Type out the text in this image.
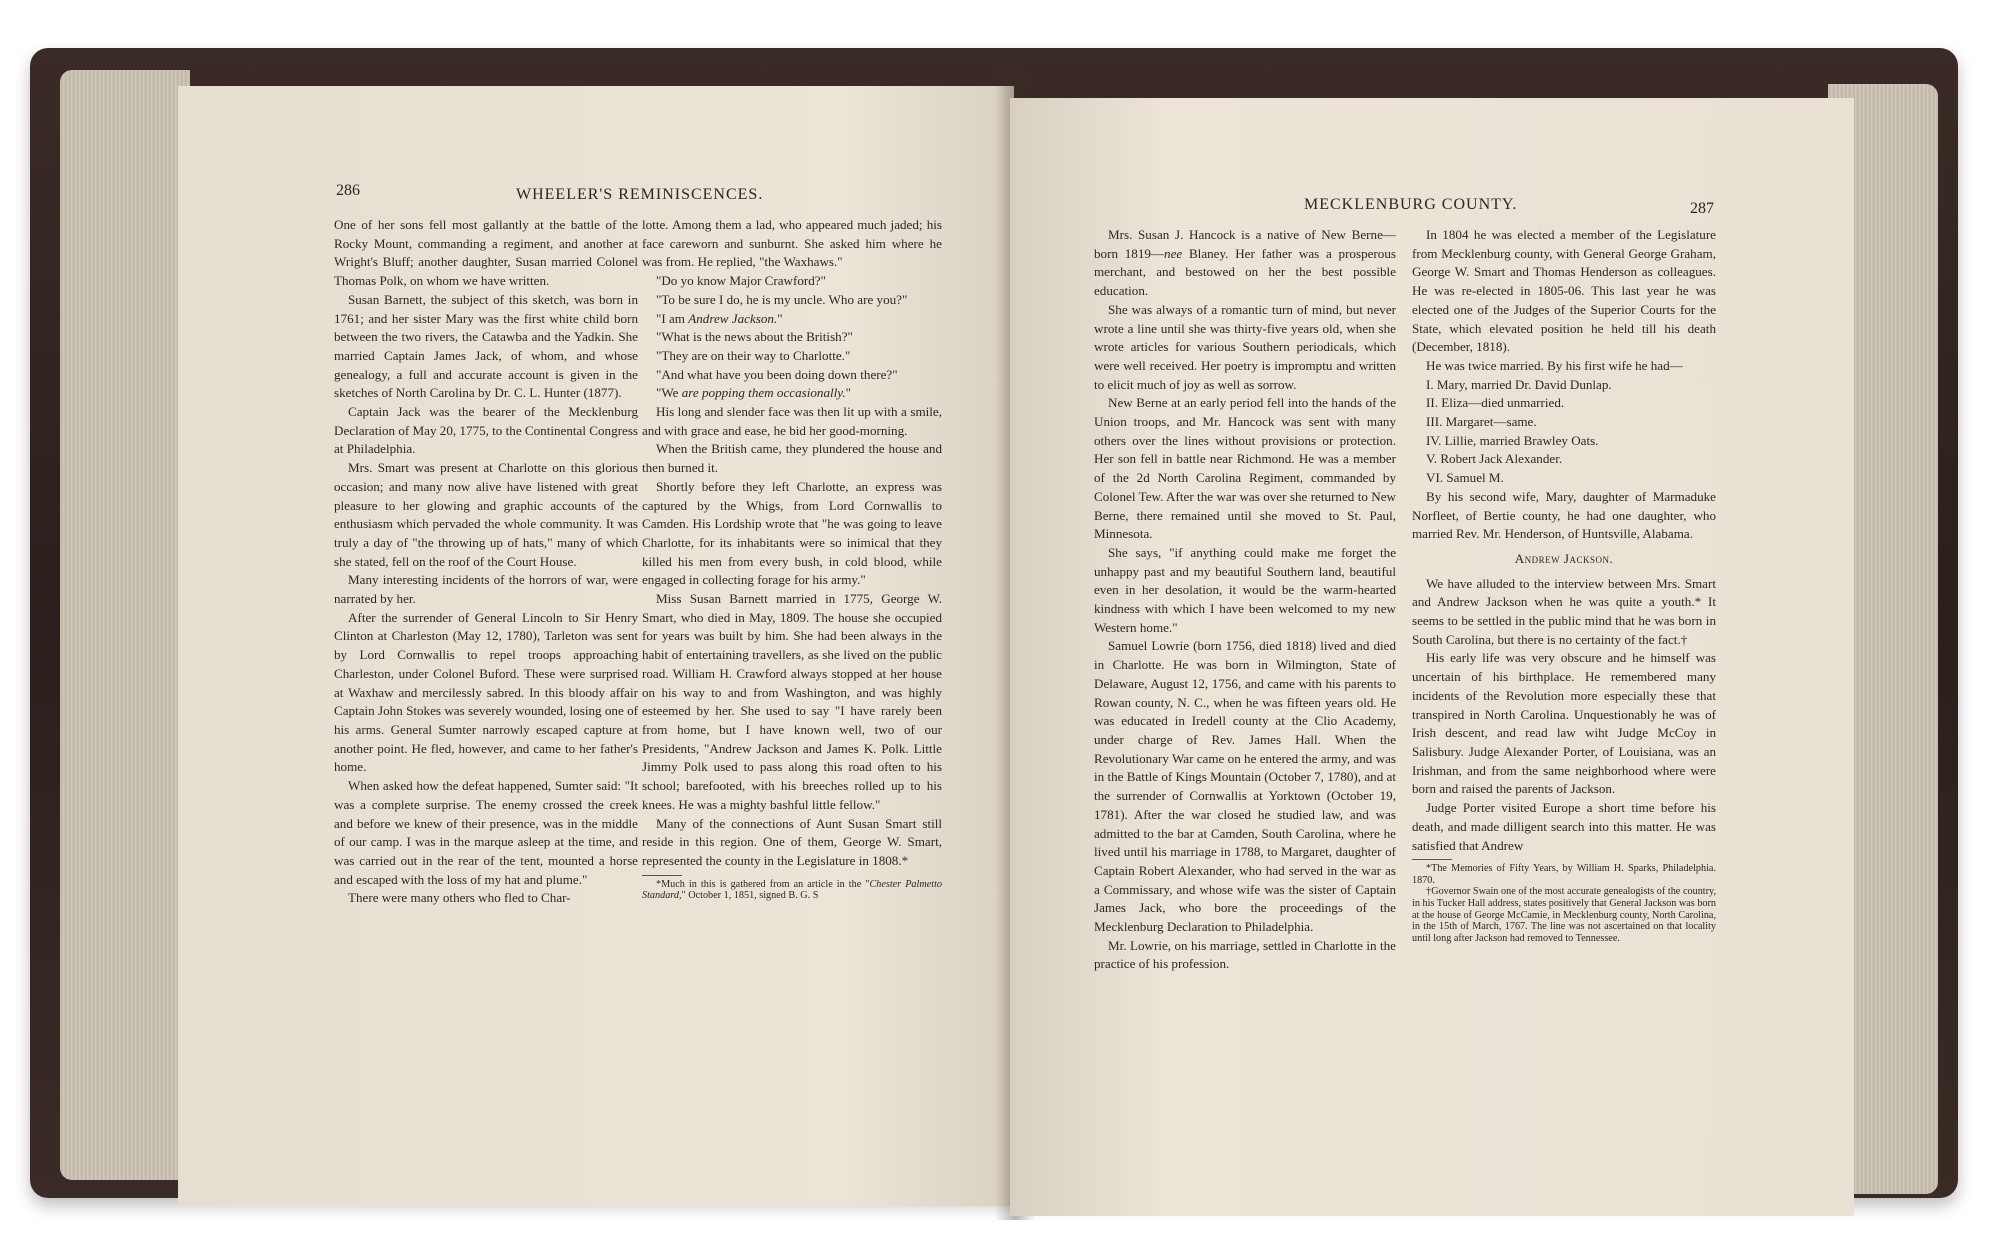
286	WHEELER'S REMINISCENCES.

One of her sons fell most gallantly at the battle of the Rocky Mount, commanding a regiment, and another at Wright's Bluff; another daughter, Susan married Colonel Thomas Polk, on whom we have written.

Susan Barnett, the subject of this sketch, was born in 1761; and her sister Mary was the first white child born between the two rivers, the Catawba and the Yadkin. She married Captain James Jack, of whom, and whose genealogy, a full and accurate account is given in the sketches of North Carolina by Dr. C. L. Hunter (1877).

Captain Jack was the bearer of the Mecklenburg Declaration of May 20, 1775, to the Continental Congress at Philadelphia.

Mrs. Smart was present at Charlotte on this glorious occasion; and many now alive have listened with great pleasure to her glowing and graphic accounts of the enthusiasm which pervaded the whole community. It was truly a day of "the throwing up of hats," many of which she stated, fell on the roof of the Court House.

Many interesting incidents of the horrors of war, were narrated by her.

After the surrender of General Lincoln to Sir Henry Clinton at Charleston (May 12, 1780), Tarleton was sent by Lord Cornwallis to repel troops approaching Charleston, under Colonel Buford. These were surprised at Waxhaw and mercilessly sabred. In this bloody affair Captain John Stokes was severely wounded, losing one of his arms. General Sumter narrowly escaped capture at another point. He fled, however, and came to her father's home.

When asked how the defeat happened, Sumter said: "It was a complete surprise. The enemy crossed the creek and before we knew of their presence, was in the middle of our camp. I was in the marque asleep at the time, and was carried out in the rear of the tent, mounted a horse and escaped with the loss of my hat and plume."

There were many others who fled to Char-

lotte. Among them a lad, who appeared much jaded; his face careworn and sunburnt. She asked him where he was from. He replied, "the Waxhaws."

"Do yo know Major Crawford?"

"To be sure I do, he is my uncle. Who are you?"

"I am Andrew Jackson."

"What is the news about the British?"

"They are on their way to Charlotte."

"And what have you been doing down there?"

"We are popping them occasionally."

His long and slender face was then lit up with a smile, and with grace and ease, he bid her good-morning.

When the British came, they plundered the house and then burned it.

Shortly before they left Charlotte, an express was captured by the Whigs, from Lord Cornwallis to Camden. His Lordship wrote that "he was going to leave Charlotte, for its inhabitants were so inimical that they killed his men from every bush, in cold blood, while engaged in collecting forage for his army."

Miss Susan Barnett married in 1775, George W. Smart, who died in May, 1809. The house she occupied for years was built by him. She had been always in the habit of entertaining travellers, as she lived on the public road. William H. Crawford always stopped at her house on his way to and from Washington, and was highly esteemed by her. She used to say "I have rarely been from home, but I have known well, two of our Presidents, "Andrew Jackson and James K. Polk. Little Jimmy Polk used to pass along this road often to his school; barefooted, with his breeches rolled up to his knees. He was a mighty bashful little fellow."

Many of the connections of Aunt Susan Smart still reside in this region. One of them, George W. Smart, represented the county in the Legislature in 1808.*

*Much in this is gathered from an article in the "Chester Palmetto Standard," October 1, 1851, signed B. G. S

MECKLENBURG COUNTY.	287

Mrs. Susan J. Hancock is a native of New Berne—born 1819—nee Blaney. Her father was a prosperous merchant, and bestowed on her the best possible education.

She was always of a romantic turn of mind, but never wrote a line until she was thirty-five years old, when she wrote articles for various Southern periodicals, which were well received. Her poetry is impromptu and written to elicit much of joy as well as sorrow.

New Berne at an early period fell into the hands of the Union troops, and Mr. Hancock was sent with many others over the lines without provisions or protection. Her son fell in battle near Richmond. He was a member of the 2d North Carolina Regiment, commanded by Colonel Tew. After the war was over she returned to New Berne, there remained until she moved to St. Paul, Minnesota.

She says, "if anything could make me forget the unhappy past and my beautiful Southern land, beautiful even in her desolation, it would be the warm-hearted kindness with which I have been welcomed to my new Western home."

Samuel Lowrie (born 1756, died 1818) lived and died in Charlotte. He was born in Wilmington, State of Delaware, August 12, 1756, and came with his parents to Rowan county, N. C., when he was fifteen years old. He was educated in Iredell county at the Clio Academy, under charge of Rev. James Hall. When the Revolutionary War came on he entered the army, and was in the Battle of Kings Mountain (October 7, 1780), and at the surrender of Cornwallis at Yorktown (October 19, 1781). After the war closed he studied law, and was admitted to the bar at Camden, South Carolina, where he lived until his marriage in 1788, to Margaret, daughter of Captain Robert Alexander, who had served in the war as a Commissary, and whose wife was the sister of Captain James Jack, who bore the proceedings of the Mecklenburg Declaration to Philadelphia.

Mr. Lowrie, on his marriage, settled in Charlotte in the practice of his profession.

In 1804 he was elected a member of the Legislature from Mecklenburg county, with General George Graham, George W. Smart and Thomas Henderson as colleagues. He was re-elected in 1805-06. This last year he was elected one of the Judges of the Superior Courts for the State, which elevated position he held till his death (December, 1818).

He was twice married. By his first wife he had—

I. Mary, married Dr. David Dunlap.

II. Eliza—died unmarried.

III. Margaret—same.

IV. Lillie, married Brawley Oats.

V. Robert Jack Alexander.

VI. Samuel M.

By his second wife, Mary, daughter of Marmaduke Norfleet, of Bertie county, he had one daughter, who married Rev. Mr. Henderson, of Huntsville, Alabama.

Andrew Jackson.

We have alluded to the interview between Mrs. Smart and Andrew Jackson when he was quite a youth.* It seems to be settled in the public mind that he was born in South Carolina, but there is no certainty of the fact.†

His early life was very obscure and he himself was uncertain of his birthplace. He remembered many incidents of the Revolution more especially these that transpired in North Carolina. Unquestionably he was of Irish descent, and read law wiht Judge McCoy in Salisbury. Judge Alexander Porter, of Louisiana, was an Irishman, and from the same neighborhood where were born and raised the parents of Jackson.

Judge Porter visited Europe a short time before his death, and made dilligent search into this matter. He was satisfied that Andrew

*The Memories of Fifty Years, by William H. Sparks, Philadelphia. 1870.

†Governor Swain one of the most accurate genealogists of the country, in his Tucker Hall address, states positively that General Jackson was born at the house of George McCamie, in Mecklenburg county, North Carolina, in the 15th of March, 1767. The line was not ascertained on that locality until long after Jackson had removed to Tennessee.
